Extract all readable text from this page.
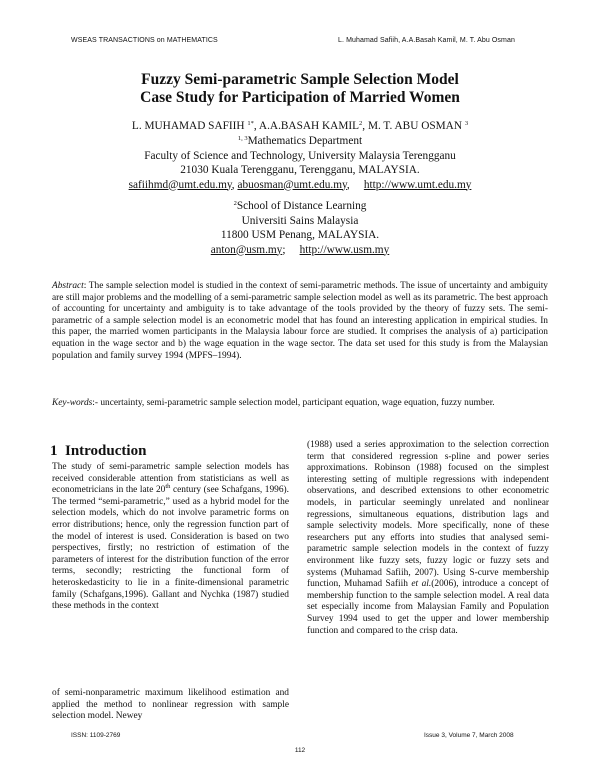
WSEAS TRANSACTIONS on MATHEMATICS	L. Muhamad Safiih, A.A.Basah Kamil, M. T. Abu Osman
Fuzzy Semi-parametric Sample Selection Model
Case Study for Participation of Married Women
L. MUHAMAD SAFIIH $^{1*}$, A.A.BASAH KAMIL$^2$, M. T. ABU OSMAN $^3$
$^{1, 3}$Mathematics Department
Faculty of Science and Technology, University Malaysia Terengganu
21030 Kuala Terengganu, Terengganu, MALAYSIA.
safiihmd@umt.edu.my, abuosman@umt.edu.my,     http://www.umt.edu.my
$^2$School of Distance Learning
Universiti Sains Malaysia
11800 USM Penang, MALAYSIA.
anton@usm.my;     http://www.usm.my
Abstract: The sample selection model is studied in the context of semi-parametric methods. The issue of uncertainty and ambiguity are still major problems and the modelling of a semi-parametric sample selection model as well as its parametric. The best approach of accounting for uncertainty and ambiguity is to take advantage of the tools provided by the theory of fuzzy sets. The semi-parametric of a sample selection model is an econometric model that has found an interesting application in empirical studies. In this paper, the married women participants in the Malaysia labour force are studied. It comprises the analysis of a) participation equation in the wage sector and b) the wage equation in the wage sector. The data set used for this study is from the Malaysian population and family survey 1994 (MPFS–1994).
Key-words:- uncertainty, semi-parametric sample selection model, participant equation, wage equation, fuzzy number.
1 Introduction
The study of semi-parametric sample selection models has received considerable attention from statisticians as well as econometricians in the late 20th century (see Schafgans, 1996). The termed “semi-parametric,” used as a hybrid model for the selection models, which do not involve parametric forms on error distributions; hence, only the regression function part of the model of interest is used. Consideration is based on two perspectives, firstly; no restriction of estimation of the parameters of interest for the distribution function of the error terms, secondly; restricting the functional form of heteroskedasticity to lie in a finite-dimensional parametric family (Schafgans,1996). Gallant and Nychka (1987) studied these methods in the context
of semi-nonparametric maximum likelihood estimation and applied the method to nonlinear regression with sample selection model. Newey
(1988) used a series approximation to the selection correction term that considered regression s-pline and power series approximations. Robinson (1988) focused on the simplest interesting setting of multiple regressions with independent observations, and described extensions to other econometric models, in particular seemingly unrelated and nonlinear regressions, simultaneous equations, distribution lags and sample selectivity models. More specifically, none of these researchers put any efforts into studies that analysed semi-parametric sample selection models in the context of fuzzy environment like fuzzy sets, fuzzy logic or fuzzy sets and systems (Muhamad Safiih, 2007). Using S-curve membership function, Muhamad Safiih et al.(2006), introduce a concept of membership function to the sample selection model. A real data set especially income from Malaysian Family and Population Survey 1994 used to get the upper and lower membership function and compared to the crisp data.
ISSN: 1109-2769	Issue 3, Volume 7, March 2008
112
